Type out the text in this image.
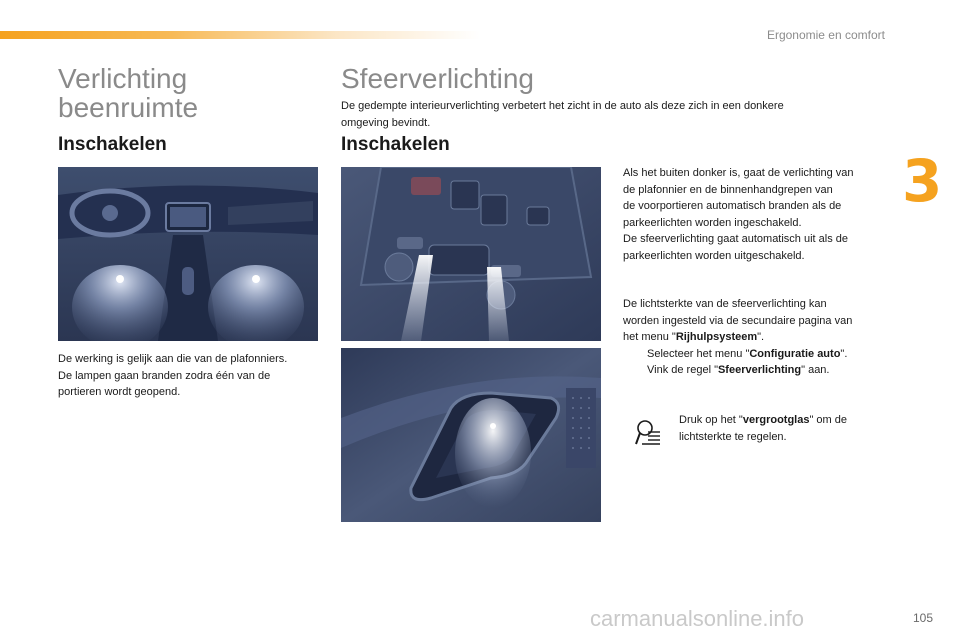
Ergonomie en comfort
3
Verlichting
beenruimte
Inschakelen
De werking is gelijk aan die van de plafonniers.
De lampen gaan branden zodra één van de
portieren wordt geopend.
Sfeerverlichting
De gedempte interieurverlichting verbetert het zicht in de auto als deze zich in een donkere
omgeving bevindt.
Inschakelen
Als het buiten donker is, gaat de verlichting van
de plafonnier en de binnenhandgrepen van
de voorportieren automatisch branden als de
parkeerlichten worden ingeschakeld.
De sfeerverlichting gaat automatisch uit als de
parkeerlichten worden uitgeschakeld.
De lichtsterkte van de sfeerverlichting kan
worden ingesteld via de secundaire pagina van
het menu "Rijhulpsysteem".
Selecteer het menu "Configuratie auto".
Vink de regel "Sfeerverlichting" aan.
Druk op het "vergrootglas" om de
lichtsterkte te regelen.
carmanualsonline.info	105
